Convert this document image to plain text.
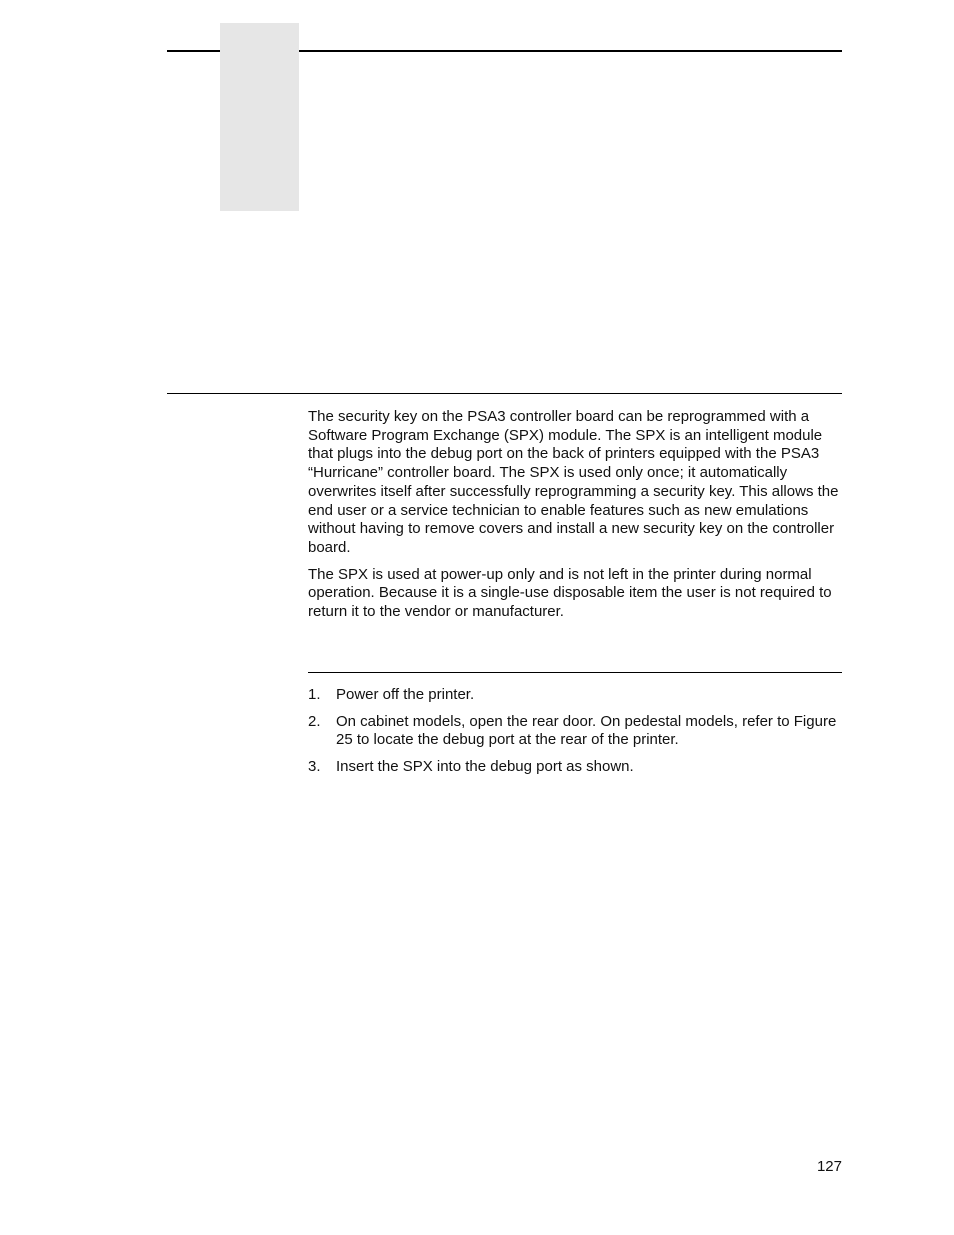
The security key on the PSA3 controller board can be reprogrammed with a Software Program Exchange (SPX) module. The SPX is an intelligent module that plugs into the debug port on the back of printers equipped with the PSA3 “Hurricane” controller board. The SPX is used only once; it automatically overwrites itself after successfully reprogramming a security key. This allows the end user or a service technician to enable features such as new emulations without having to remove covers and install a new security key on the controller board.

The SPX is used at power-up only and is not left in the printer during normal operation. Because it is a single-use disposable item the user is not required to return it to the vendor or manufacturer.

1.	Power off the printer.
2.	On cabinet models, open the rear door. On pedestal models, refer to Figure 25 to locate the debug port at the rear of the printer.
3.	Insert the SPX into the debug port as shown.
127
